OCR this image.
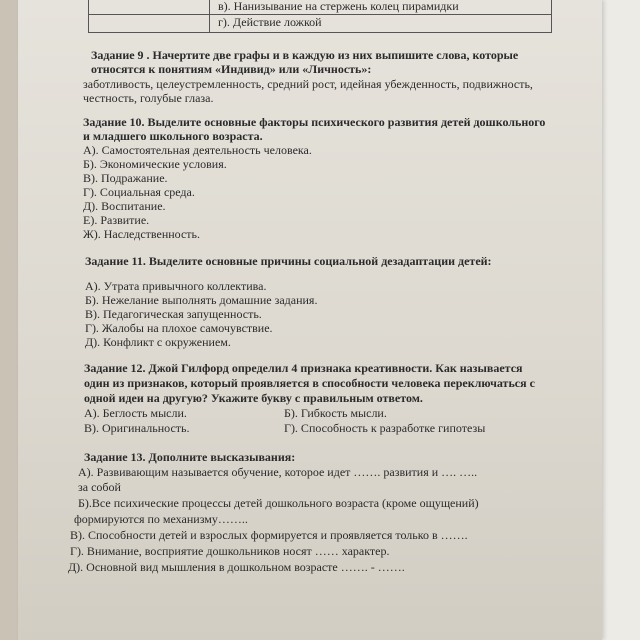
в). Нанизывание на стержень колец пирамидки
г). Действие ложкой
Задание 9 . Начертите две графы и в каждую из них выпишите слова, которые
относятся к понятиям «Индивид» или «Личность»:
заботливость, целеустремленность, средний рост, идейная убежденность, подвижность,
честность, голубые глаза.
Задание 10. Выделите основные факторы психического развития детей дошкольного
и младшего школьного возраста.
А). Самостоятельная деятельность человека.
Б). Экономические условия.
В). Подражание.
Г). Социальная среда.
Д). Воспитание.
Е). Развитие.
Ж). Наследственность.
Задание 11. Выделите основные причины социальной дезадаптации детей:
А). Утрата привычного коллектива.
Б). Нежелание выполнять домашние задания.
В). Педагогическая запущенность.
Г). Жалобы на плохое самочувствие.
Д). Конфликт с окружением.
Задание 12. Джой Гилфорд определил 4 признака креативности. Как называется
один из признаков, который проявляется в способности человека переключаться с
одной идеи на другую? Укажите букву с правильным ответом.
А). Беглость мысли.	Б). Гибкость мысли.
В). Оригинальность.	Г). Способность к разработке гипотезы
Задание 13. Дополните высказывания:
А). Развивающим называется обучение, которое идет ……. развития и …. …..
за собой
Б).Все психические процессы детей дошкольного возраста (кроме ощущений)
формируются по механизму……..
В). Способности детей и взрослых формируется и проявляется только в …….
Г). Внимание, восприятие дошкольников носят …… характер.
Д). Основной вид мышления в дошкольном возрасте ……. - …….
